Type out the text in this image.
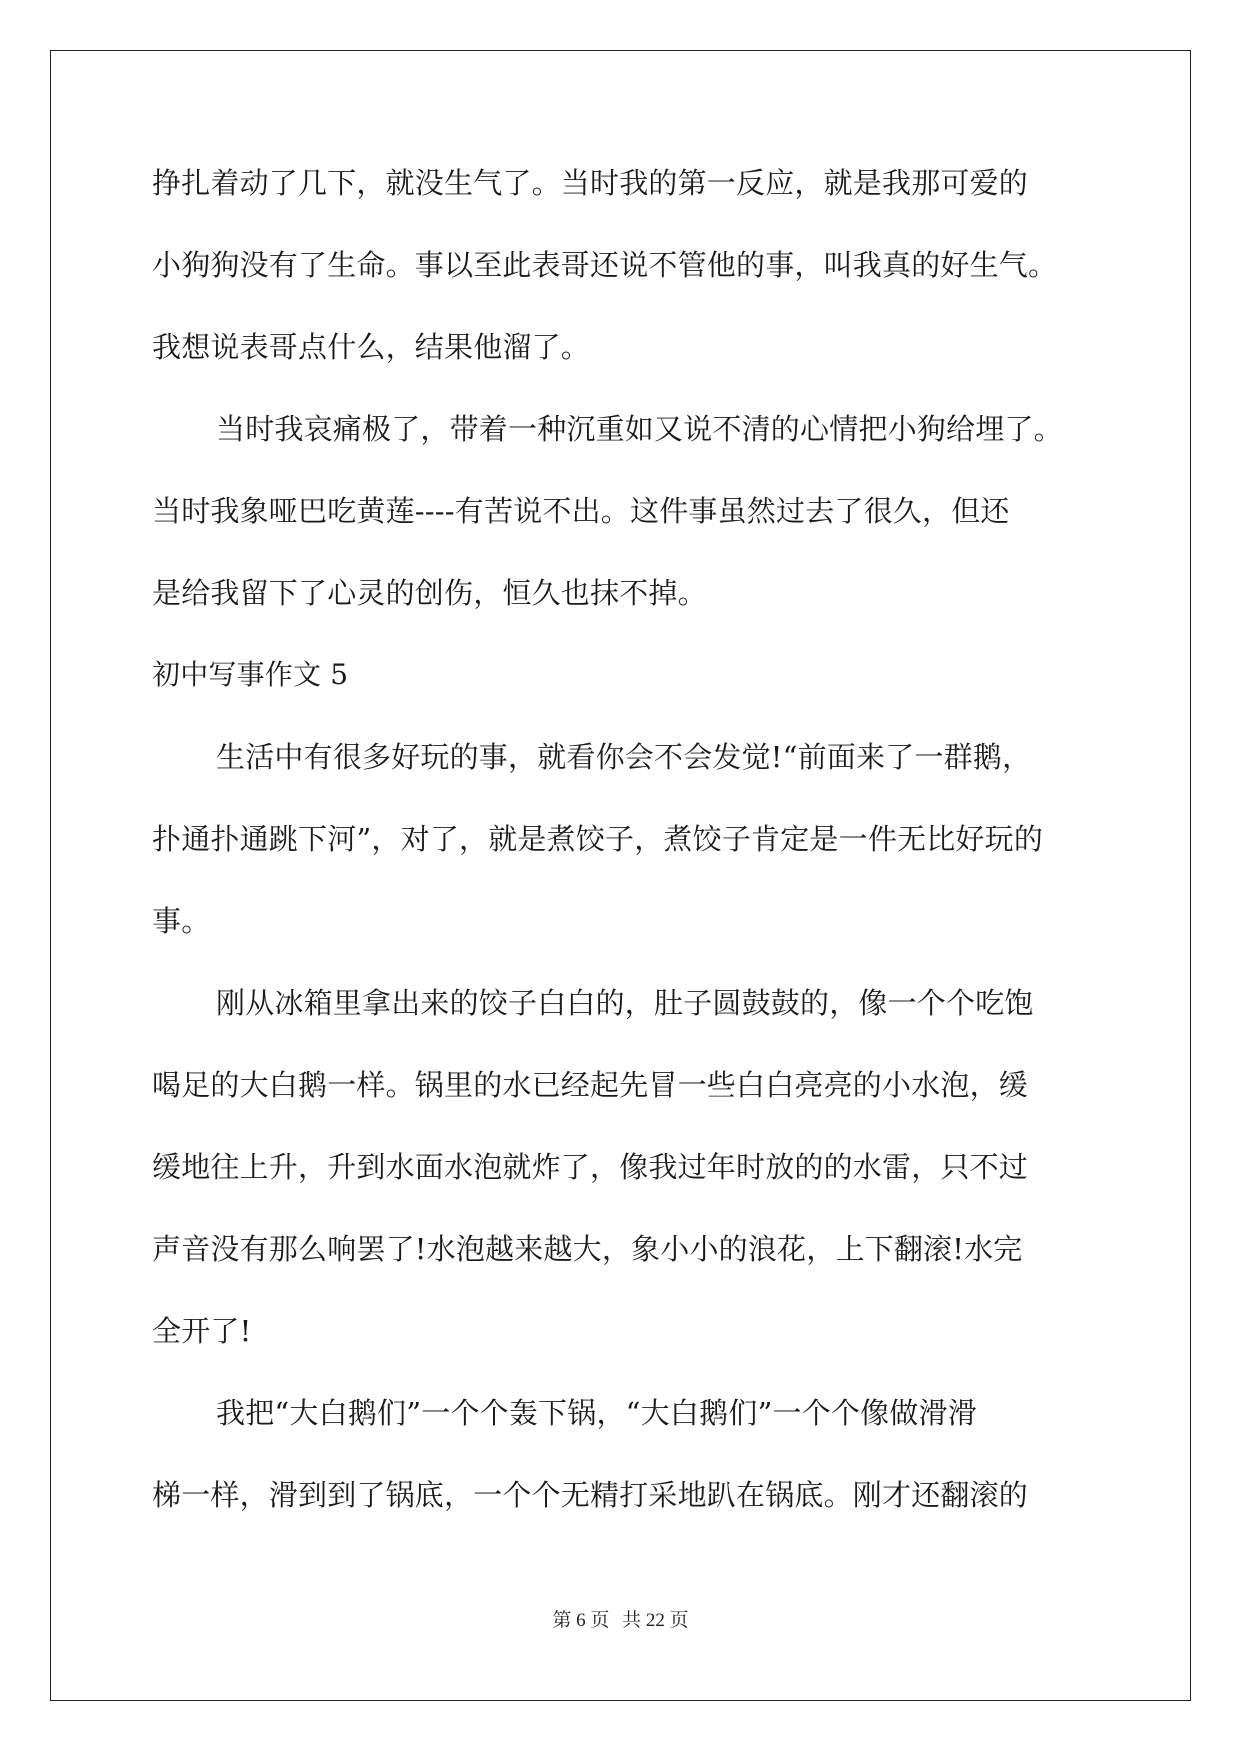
挣扎着动了几下，就没生气了。当时我的第一反应，就是我那可爱的
小狗狗没有了生命。事以至此表哥还说不管他的事，叫我真的好生气。
我想说表哥点什么，结果他溜了。
当时我哀痛极了，带着一种沉重如又说不清的心情把小狗给埋了。
当时我象哑巴吃黄莲----有苦说不出。这件事虽然过去了很久，但还
是给我留下了心灵的创伤，恒久也抹不掉。
初中写事作文 5
生活中有很多好玩的事，就看你会不会发觉!“前面来了一群鹅，
扑通扑通跳下河”，对了，就是煮饺子，煮饺子肯定是一件无比好玩的
事。
刚从冰箱里拿出来的饺子白白的，肚子圆鼓鼓的，像一个个吃饱
喝足的大白鹅一样。锅里的水已经起先冒一些白白亮亮的小水泡，缓
缓地往上升，升到水面水泡就炸了，像我过年时放的的水雷，只不过
声音没有那么响罢了!水泡越来越大，象小小的浪花，上下翻滚!水完
全开了!
我把“大白鹅们”一个个轰下锅，“大白鹅们”一个个像做滑滑
梯一样，滑到到了锅底，一个个无精打采地趴在锅底。刚才还翻滚的
第 6 页 共 22 页
